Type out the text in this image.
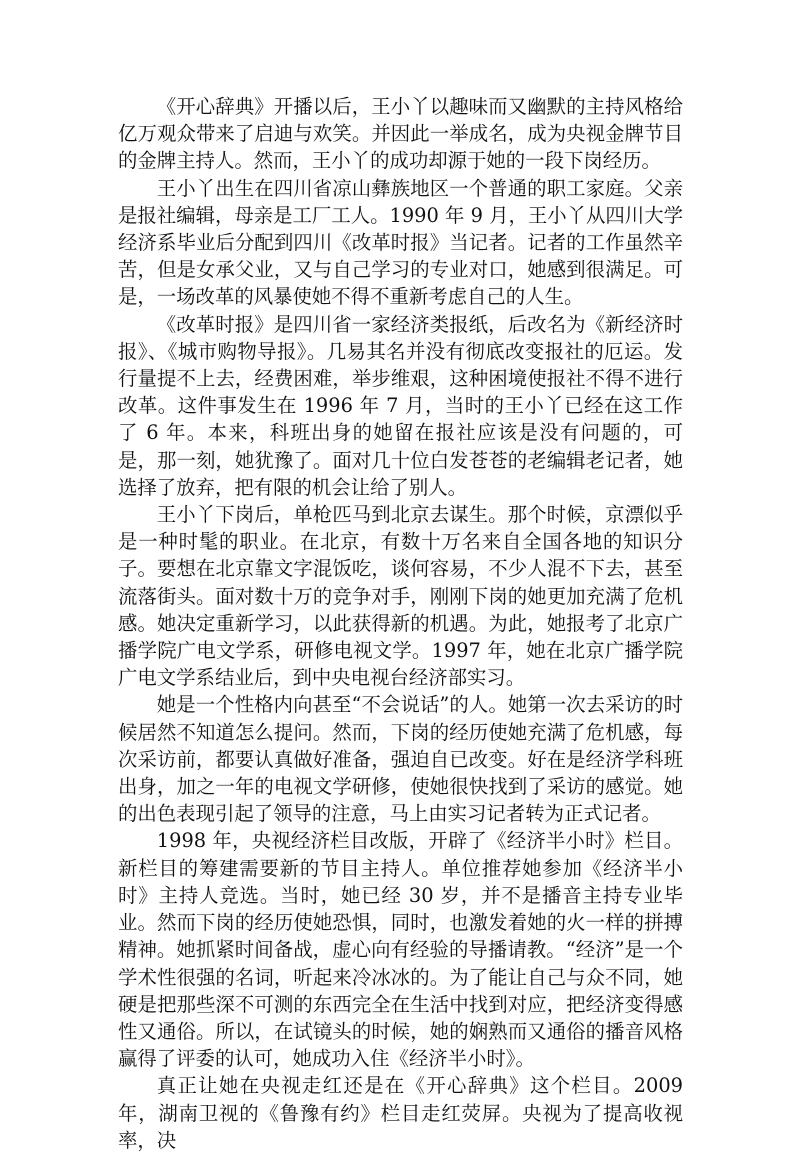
《开心辞典》开播以后，王小丫以趣味而又幽默的主持风格给亿万观众带来了启迪与欢笑。并因此一举成名，成为央视金牌节目的金牌主持人。然而，王小丫的成功却源于她的一段下岗经历。

王小丫出生在四川省凉山彝族地区一个普通的职工家庭。父亲是报社编辑，母亲是工厂工人。1990 年 9 月，王小丫从四川大学经济系毕业后分配到四川《改革时报》当记者。记者的工作虽然辛苦，但是女承父业，又与自己学习的专业对口，她感到很满足。可是，一场改革的风暴使她不得不重新考虑自己的人生。

《改革时报》是四川省一家经济类报纸，后改名为《新经济时报》、《城市购物导报》。几易其名并没有彻底改变报社的厄运。发行量提不上去，经费困难，举步维艰，这种困境使报社不得不进行改革。这件事发生在 1996 年 7 月，当时的王小丫已经在这工作了 6 年。本来，科班出身的她留在报社应该是没有问题的，可是，那一刻，她犹豫了。面对几十位白发苍苍的老编辑老记者，她选择了放弃，把有限的机会让给了别人。

王小丫下岗后，单枪匹马到北京去谋生。那个时候，京漂似乎是一种时髦的职业。在北京，有数十万名来自全国各地的知识分子。要想在北京靠文字混饭吃，谈何容易，不少人混不下去，甚至流落街头。面对数十万的竞争对手，刚刚下岗的她更加充满了危机感。她决定重新学习，以此获得新的机遇。为此，她报考了北京广播学院广电文学系，研修电视文学。1997 年，她在北京广播学院广电文学系结业后，到中央电视台经济部实习。

她是一个性格内向甚至“不会说话”的人。她第一次去采访的时候居然不知道怎么提问。然而，下岗的经历使她充满了危机感，每次采访前，都要认真做好准备，强迫自已改变。好在是经济学科班出身，加之一年的电视文学研修，使她很快找到了采访的感觉。她的出色表现引起了领导的注意，马上由实习记者转为正式记者。

1998 年，央视经济栏目改版，开辟了《经济半小时》栏目。新栏目的筹建需要新的节目主持人。单位推荐她参加《经济半小时》主持人竞选。当时，她已经 30 岁，并不是播音主持专业毕业。然而下岗的经历使她恐惧，同时，也激发着她的火一样的拼搏精神。她抓紧时间备战，虚心向有经验的导播请教。“经济”是一个学术性很强的名词，听起来冷冰冰的。为了能让自己与众不同，她硬是把那些深不可测的东西完全在生活中找到对应，把经济变得感性又通俗。所以，在试镜头的时候，她的娴熟而又通俗的播音风格赢得了评委的认可，她成功入住《经济半小时》。

真正让她在央视走红还是在《开心辞典》这个栏目。2009 年，湖南卫视的《鲁豫有约》栏目走红荧屏。央视为了提高收视率，决
